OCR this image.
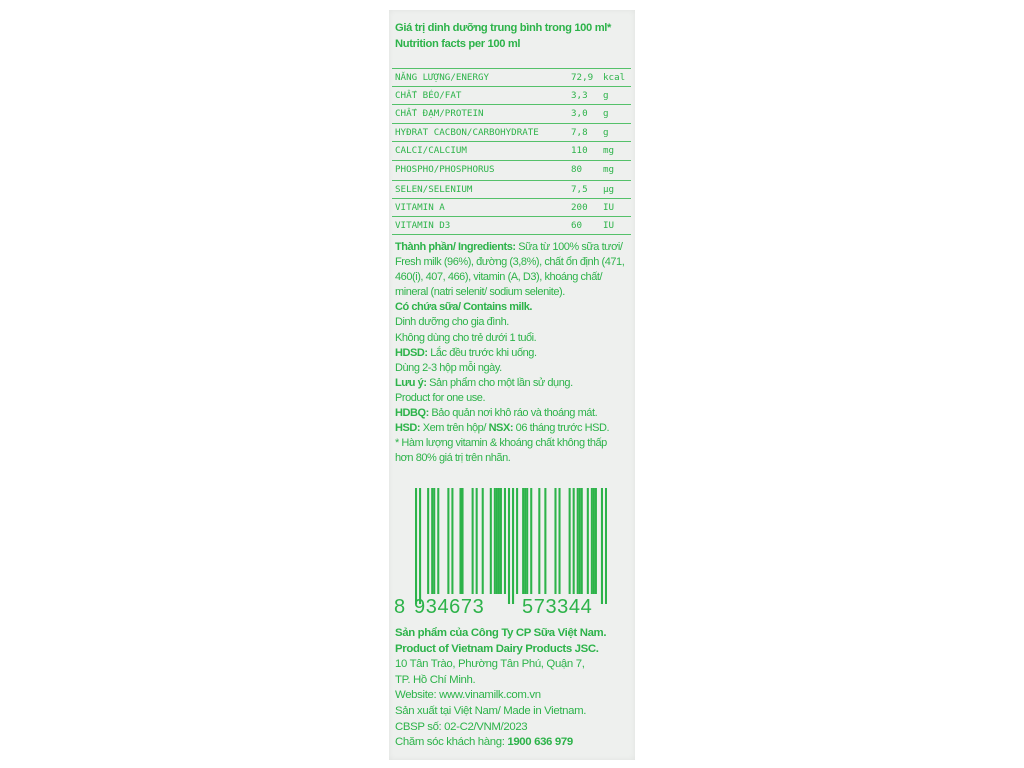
Giá trị dinh dưỡng trung bình trong 100 ml*
Nutrition facts per 100 ml
NĂNG LƯỢNG/ENERGY	72,9	kcal
CHẤT BÉO/FAT	3,3	g
CHẤT ĐẠM/PROTEIN	3,0	g
HYĐRAT CACBON/CARBOHYDRATE	7,8	g
CALCI/CALCIUM	110	mg
PHOSPHO/PHOSPHORUS	80	mg
SELEN/SELENIUM	7,5	µg
VITAMIN A	200	IU
VITAMIN D3	60	IU
Thành phần/ Ingredients: Sữa từ 100% sữa tươi/
Fresh milk (96%), đường (3,8%), chất ổn định (471,
460(i), 407, 466), vitamin (A, D3), khoáng chất/
mineral (natri selenit/ sodium selenite).
Có chứa sữa/ Contains milk.
Dinh dưỡng cho gia đình.
Không dùng cho trẻ dưới 1 tuổi.
HDSD: Lắc đều trước khi uống.
Dùng 2-3 hộp mỗi ngày.
Lưu ý: Sản phẩm cho một lần sử dụng.
Product for one use.
HDBQ: Bảo quản nơi khô ráo và thoáng mát.
HSD: Xem trên hộp/ NSX: 06 tháng trước HSD.
* Hàm lượng vitamin & khoáng chất không thấp
hơn 80% giá trị trên nhãn.
8 934673 573344
Sản phẩm của Công Ty CP Sữa Việt Nam.
Product of Vietnam Dairy Products JSC.
10 Tân Trào, Phường Tân Phú, Quận 7,
TP. Hồ Chí Minh.
Website: www.vinamilk.com.vn
Sản xuất tại Việt Nam/ Made in Vietnam.
CBSP số: 02-C2/VNM/2023
Chăm sóc khách hàng: 1900 636 979
